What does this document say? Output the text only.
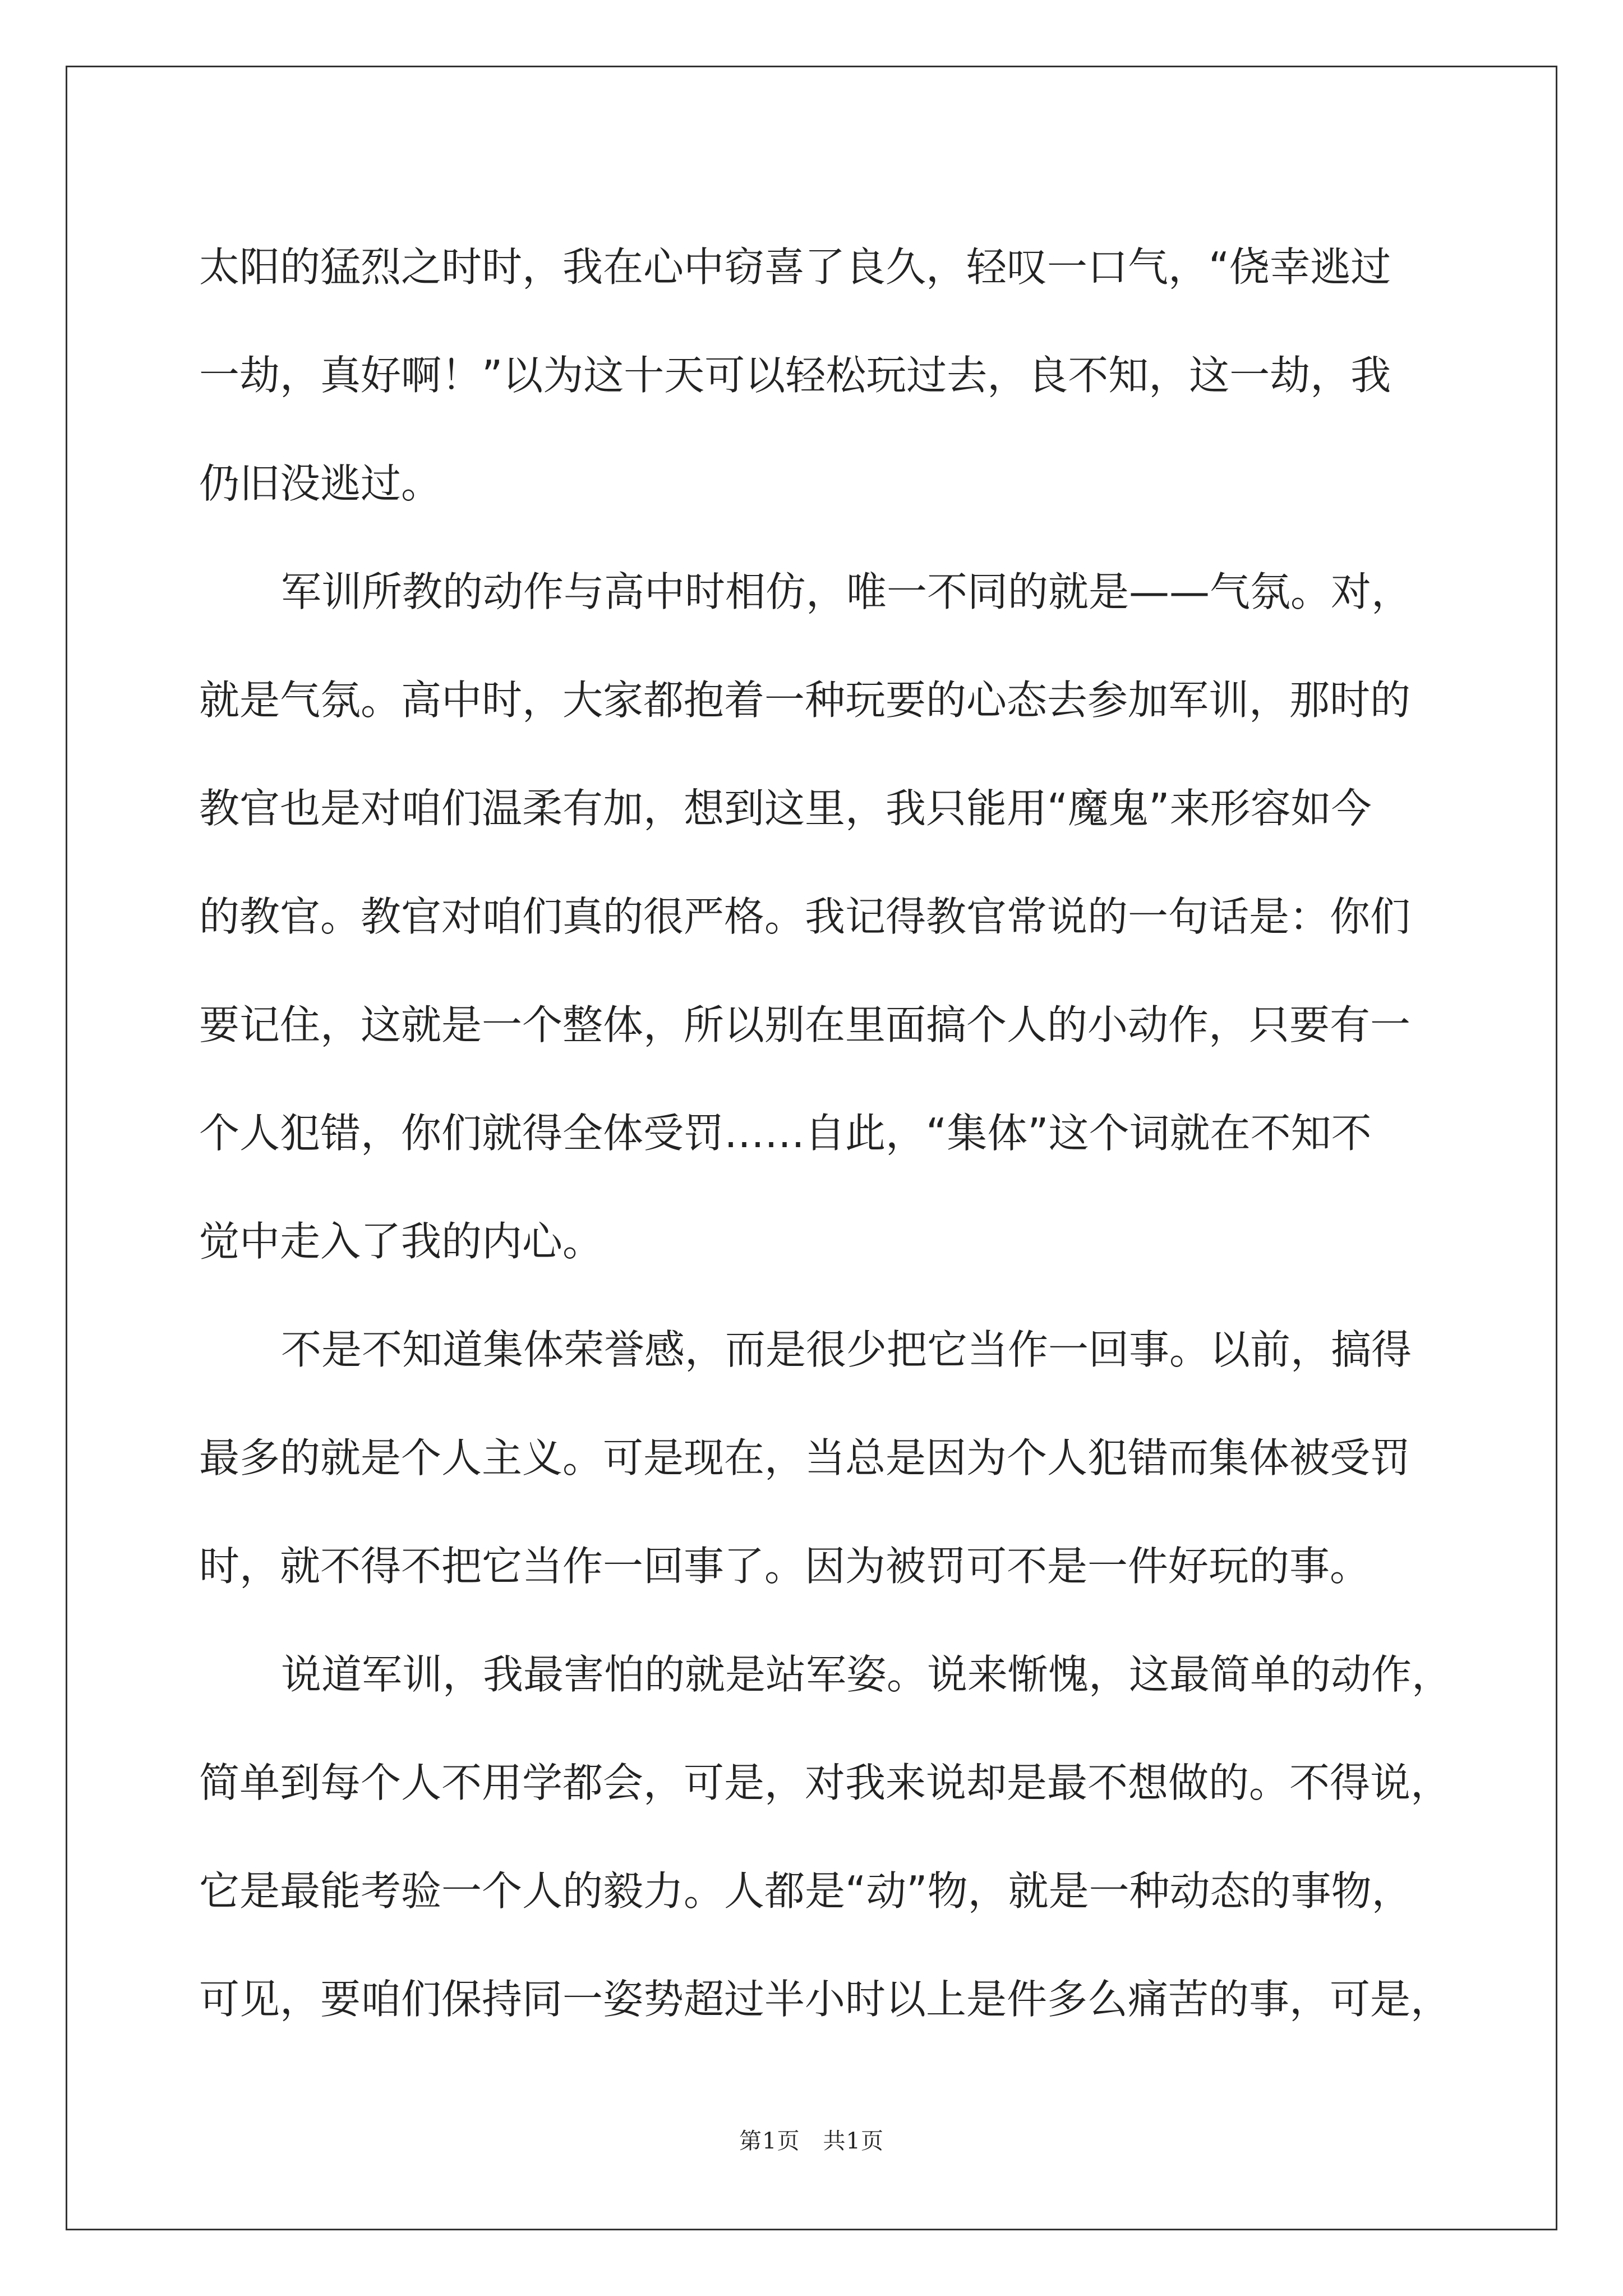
太阳的猛烈之时时，我在心中窃喜了良久，轻叹一口气，“侥幸逃过
一劫，真好啊！”以为这十天可以轻松玩过去，良不知，这一劫，我
仍旧没逃过。
军训所教的动作与高中时相仿，唯一不同的就是——气氛。对，
就是气氛。高中时，大家都抱着一种玩要的心态去参加军训，那时的
教官也是对咱们温柔有加，想到这里，我只能用“魔鬼”来形容如今
的教官。教官对咱们真的很严格。我记得教官常说的一句话是：你们
要记住，这就是一个整体，所以别在里面搞个人的小动作，只要有一
个人犯错，你们就得全体受罚……自此，“集体”这个词就在不知不
觉中走入了我的内心。
不是不知道集体荣誉感，而是很少把它当作一回事。以前，搞得
最多的就是个人主义。可是现在，当总是因为个人犯错而集体被受罚
时，就不得不把它当作一回事了。因为被罚可不是一件好玩的事。
说道军训，我最害怕的就是站军姿。说来惭愧，这最简单的动作，
简单到每个人不用学都会，可是，对我来说却是最不想做的。不得说，
它是最能考验一个人的毅力。人都是“动”物，就是一种动态的事物，
可见，要咱们保持同一姿势超过半小时以上是件多么痛苦的事，可是，
第1页　共1页
